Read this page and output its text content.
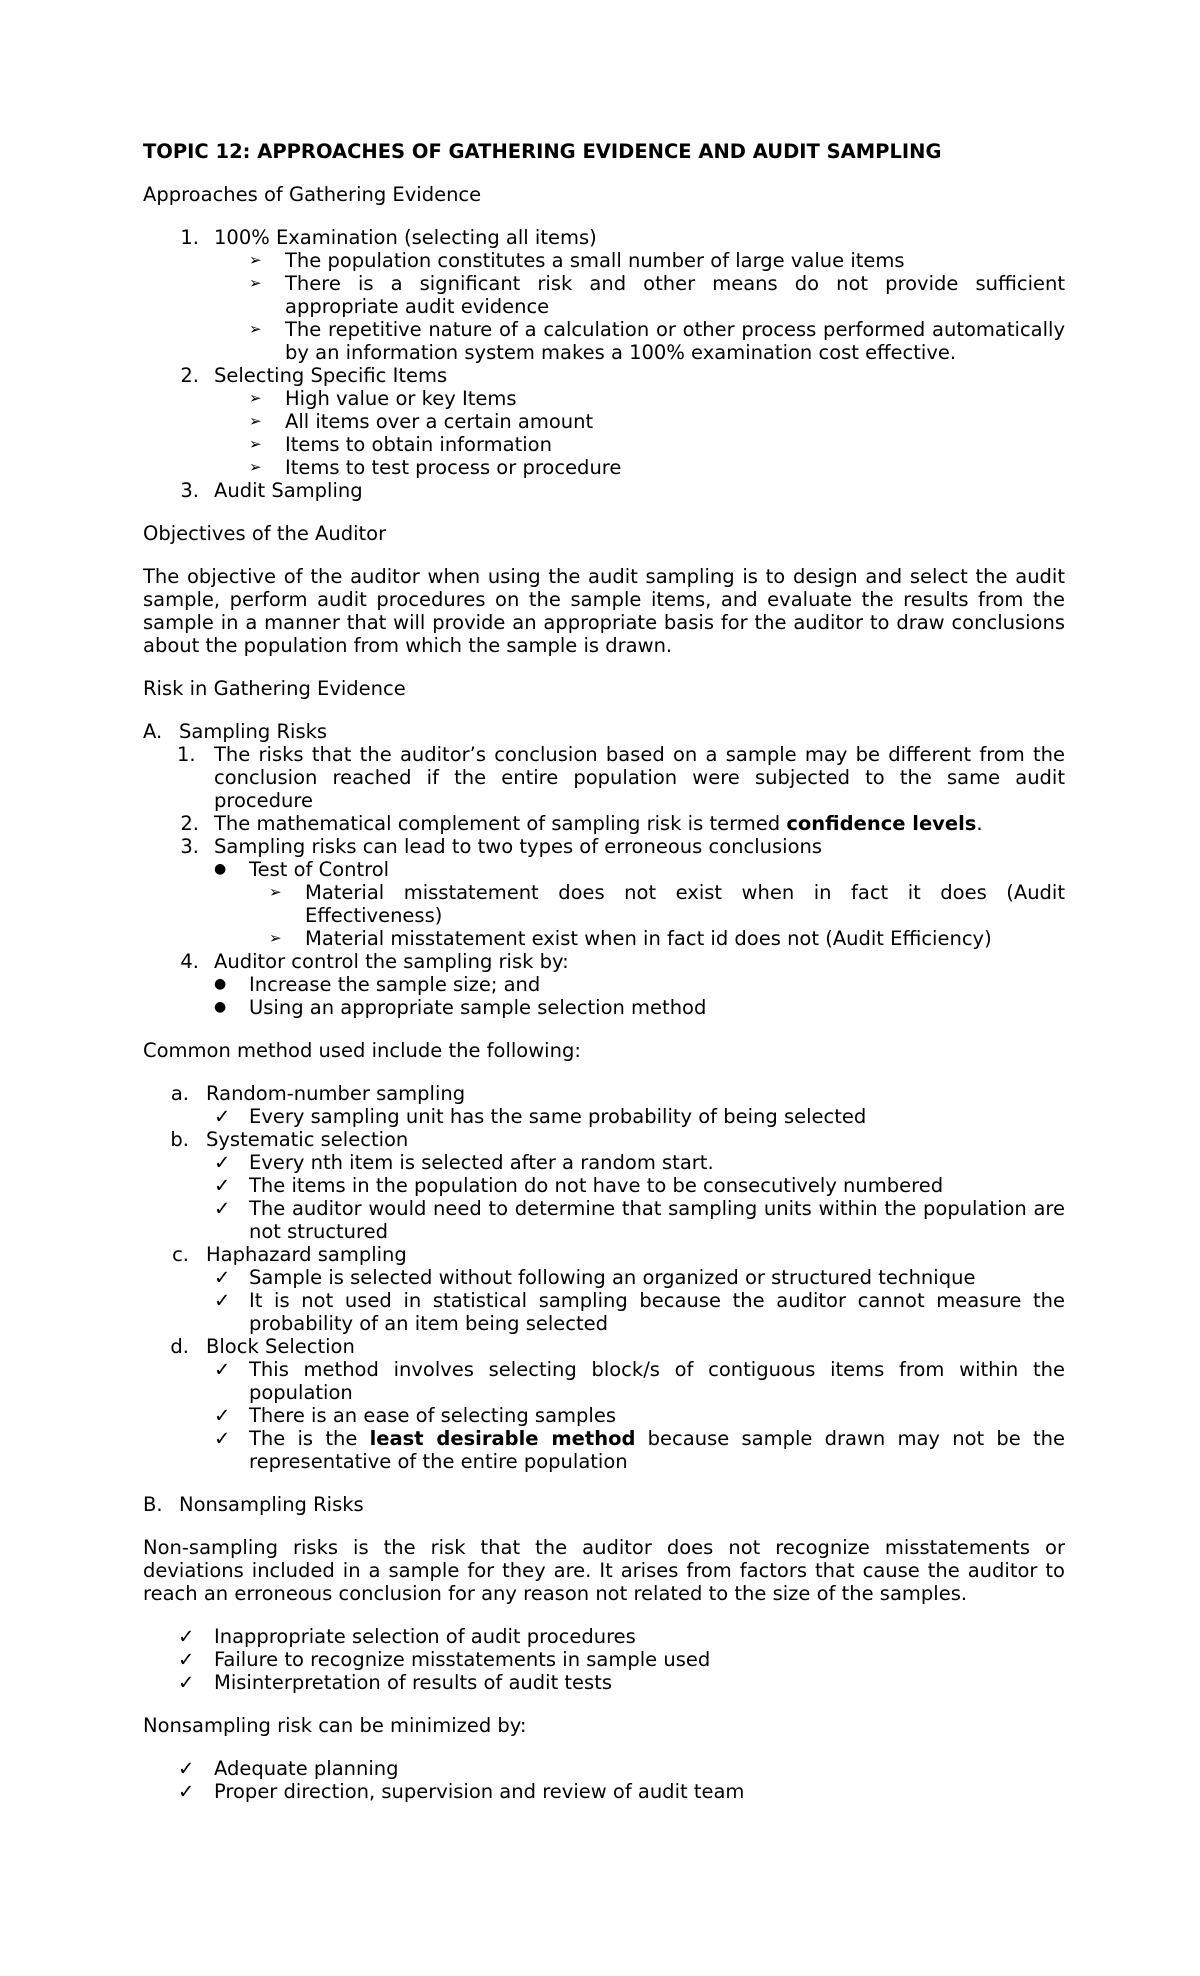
TOPIC 12: APPROACHES OF GATHERING EVIDENCE AND AUDIT SAMPLING
Approaches of Gathering Evidence
1. 100% Examination (selecting all items)
➢ The population constitutes a small number of large value items
➢ There is a significant risk and other means do not provide sufficient appropriate audit evidence
➢ The repetitive nature of a calculation or other process performed automatically by an information system makes a 100% examination cost effective.
2. Selecting Specific Items
➢ High value or key Items
➢ All items over a certain amount
➢ Items to obtain information
➢ Items to test process or procedure
3. Audit Sampling
Objectives of the Auditor
The objective of the auditor when using the audit sampling is to design and select the audit sample, perform audit procedures on the sample items, and evaluate the results from the sample in a manner that will provide an appropriate basis for the auditor to draw conclusions about the population from which the sample is drawn.
Risk in Gathering Evidence
A. Sampling Risks
1. The risks that the auditor’s conclusion based on a sample may be different from the conclusion reached if the entire population were subjected to the same audit procedure
2. The mathematical complement of sampling risk is termed confidence levels.
3. Sampling risks can lead to two types of erroneous conclusions
● Test of Control
➢ Material misstatement does not exist when in fact it does (Audit Effectiveness)
➢ Material misstatement exist when in fact id does not (Audit Efficiency)
4. Auditor control the sampling risk by:
● Increase the sample size; and
● Using an appropriate sample selection method
Common method used include the following:
a. Random-number sampling
✓ Every sampling unit has the same probability of being selected
b. Systematic selection
✓ Every nth item is selected after a random start.
✓ The items in the population do not have to be consecutively numbered
✓ The auditor would need to determine that sampling units within the population are not structured
c. Haphazard sampling
✓ Sample is selected without following an organized or structured technique
✓ It is not used in statistical sampling because the auditor cannot measure the probability of an item being selected
d. Block Selection
✓ This method involves selecting block/s of contiguous items from within the population
✓ There is an ease of selecting samples
✓ The is the least desirable method because sample drawn may not be the representative of the entire population
B. Nonsampling Risks
Non-sampling risks is the risk that the auditor does not recognize misstatements or deviations included in a sample for they are. It arises from factors that cause the auditor to reach an erroneous conclusion for any reason not related to the size of the samples.
✓ Inappropriate selection of audit procedures
✓ Failure to recognize misstatements in sample used
✓ Misinterpretation of results of audit tests
Nonsampling risk can be minimized by:
✓ Adequate planning
✓ Proper direction, supervision and review of audit team
